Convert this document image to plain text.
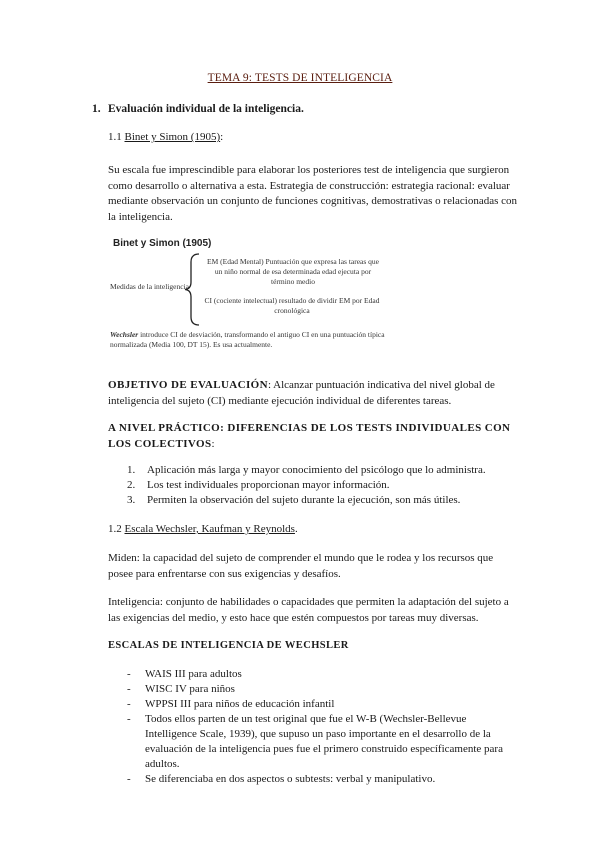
TEMA 9: TESTS DE INTELIGENCIA
1. Evaluación individual de la inteligencia.
1.1 Binet y Simon (1905):
Su escala fue imprescindible para elaborar los posteriores test de inteligencia que surgieron como desarrollo o alternativa a esta. Estrategia de construcción: estrategia racional: evaluar mediante observación un conjunto de funciones cognitivas, demostrativas o relacionadas con la inteligencia.
Binet y Simon (1905)
Medidas de la inteligencia
EM (Edad Mental) Puntuación que expresa las tareas que un niño normal de esa determinada edad ejecuta por término medio
CI (cociente intelectual) resultado de dividir EM por Edad cronológica
Wechsler introduce CI de desviación, transformando el antiguo CI en una puntuación típica normalizada (Media 100, DT 15). Es usa actualmente.
OBJETIVO DE EVALUACIÓN: Alcanzar puntuación indicativa del nivel global de inteligencia del sujeto (CI) mediante ejecución individual de diferentes tareas.
A NIVEL PRÁCTICO: DIFERENCIAS DE LOS TESTS INDIVIDUALES CON LOS COLECTIVOS:
1. Aplicación más larga y mayor conocimiento del psicólogo que lo administra.
2. Los test individuales proporcionan mayor información.
3. Permiten la observación del sujeto durante la ejecución, son más útiles.
1.2 Escala Wechsler, Kaufman y Reynolds.
Miden: la capacidad del sujeto de comprender el mundo que le rodea y los recursos que posee para enfrentarse con sus exigencias y desafíos.
Inteligencia: conjunto de habilidades o capacidades que permiten la adaptación del sujeto a las exigencias del medio, y esto hace que estén compuestos por tareas muy diversas.
ESCALAS DE INTELIGENCIA DE WECHSLER
- WAIS III para adultos
- WISC IV para niños
- WPPSI III para niños de educación infantil
- Todos ellos parten de un test original que fue el W-B (Wechsler-Bellevue Intelligence Scale, 1939), que supuso un paso importante en el desarrollo de la evaluación de la inteligencia pues fue el primero construido específicamente para adultos.
- Se diferenciaba en dos aspectos o subtests: verbal y manipulativo.
